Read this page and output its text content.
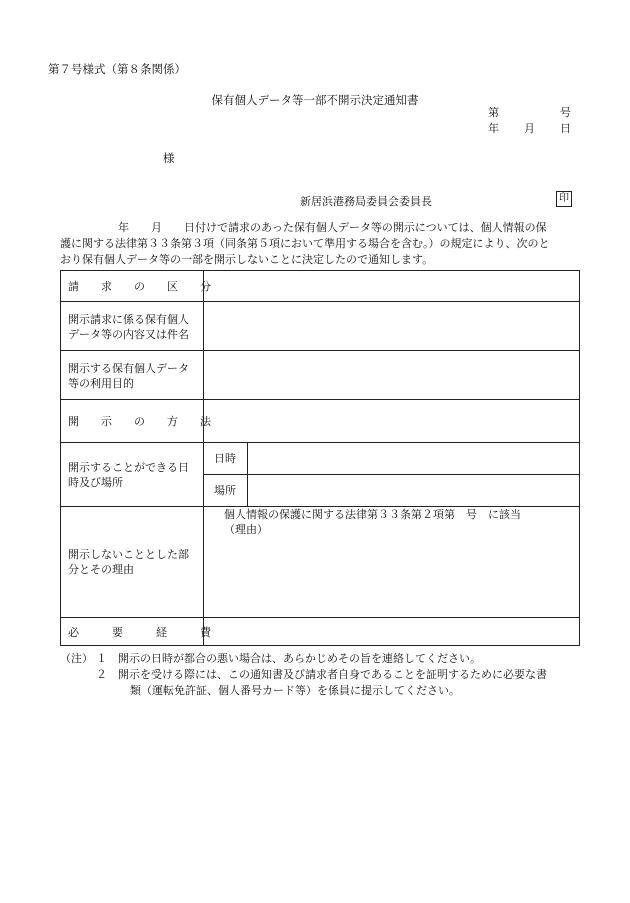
第７号様式（第８条関係）
保有個人データ等一部不開示決定通知書
第	号
年 月 日
様
新居浜港務局委員会委員長	印
年　　月　　日付けで請求のあった保有個人データ等の開示については、個人情報の保
護に関する法律第３３条第３項（同条第５項において準用する場合を含む。）の規定により、次のと
おり保有個人データ等の一部を開示しないことに決定したので通知します。
請　　求　　の　　区　　分
開示請求に係る保有個人
データ等の内容又は件名
開示する保有個人データ
等の利用目的
開　　示　　の　　方　　法
開示することができる日
時及び場所
日時
場所
開示しないこととした部
分とその理由
個人情報の保護に関する法律第３３条第２項第　号　に該当
（理由）
必　　　要　　　経　　　費
（注） １ 開示の日時が都合の悪い場合は、あらかじめその旨を連絡してください。
２ 開示を受ける際には、この通知書及び請求者自身であることを証明するために必要な書
類（運転免許証、個人番号カード等）を係員に提示してください。
